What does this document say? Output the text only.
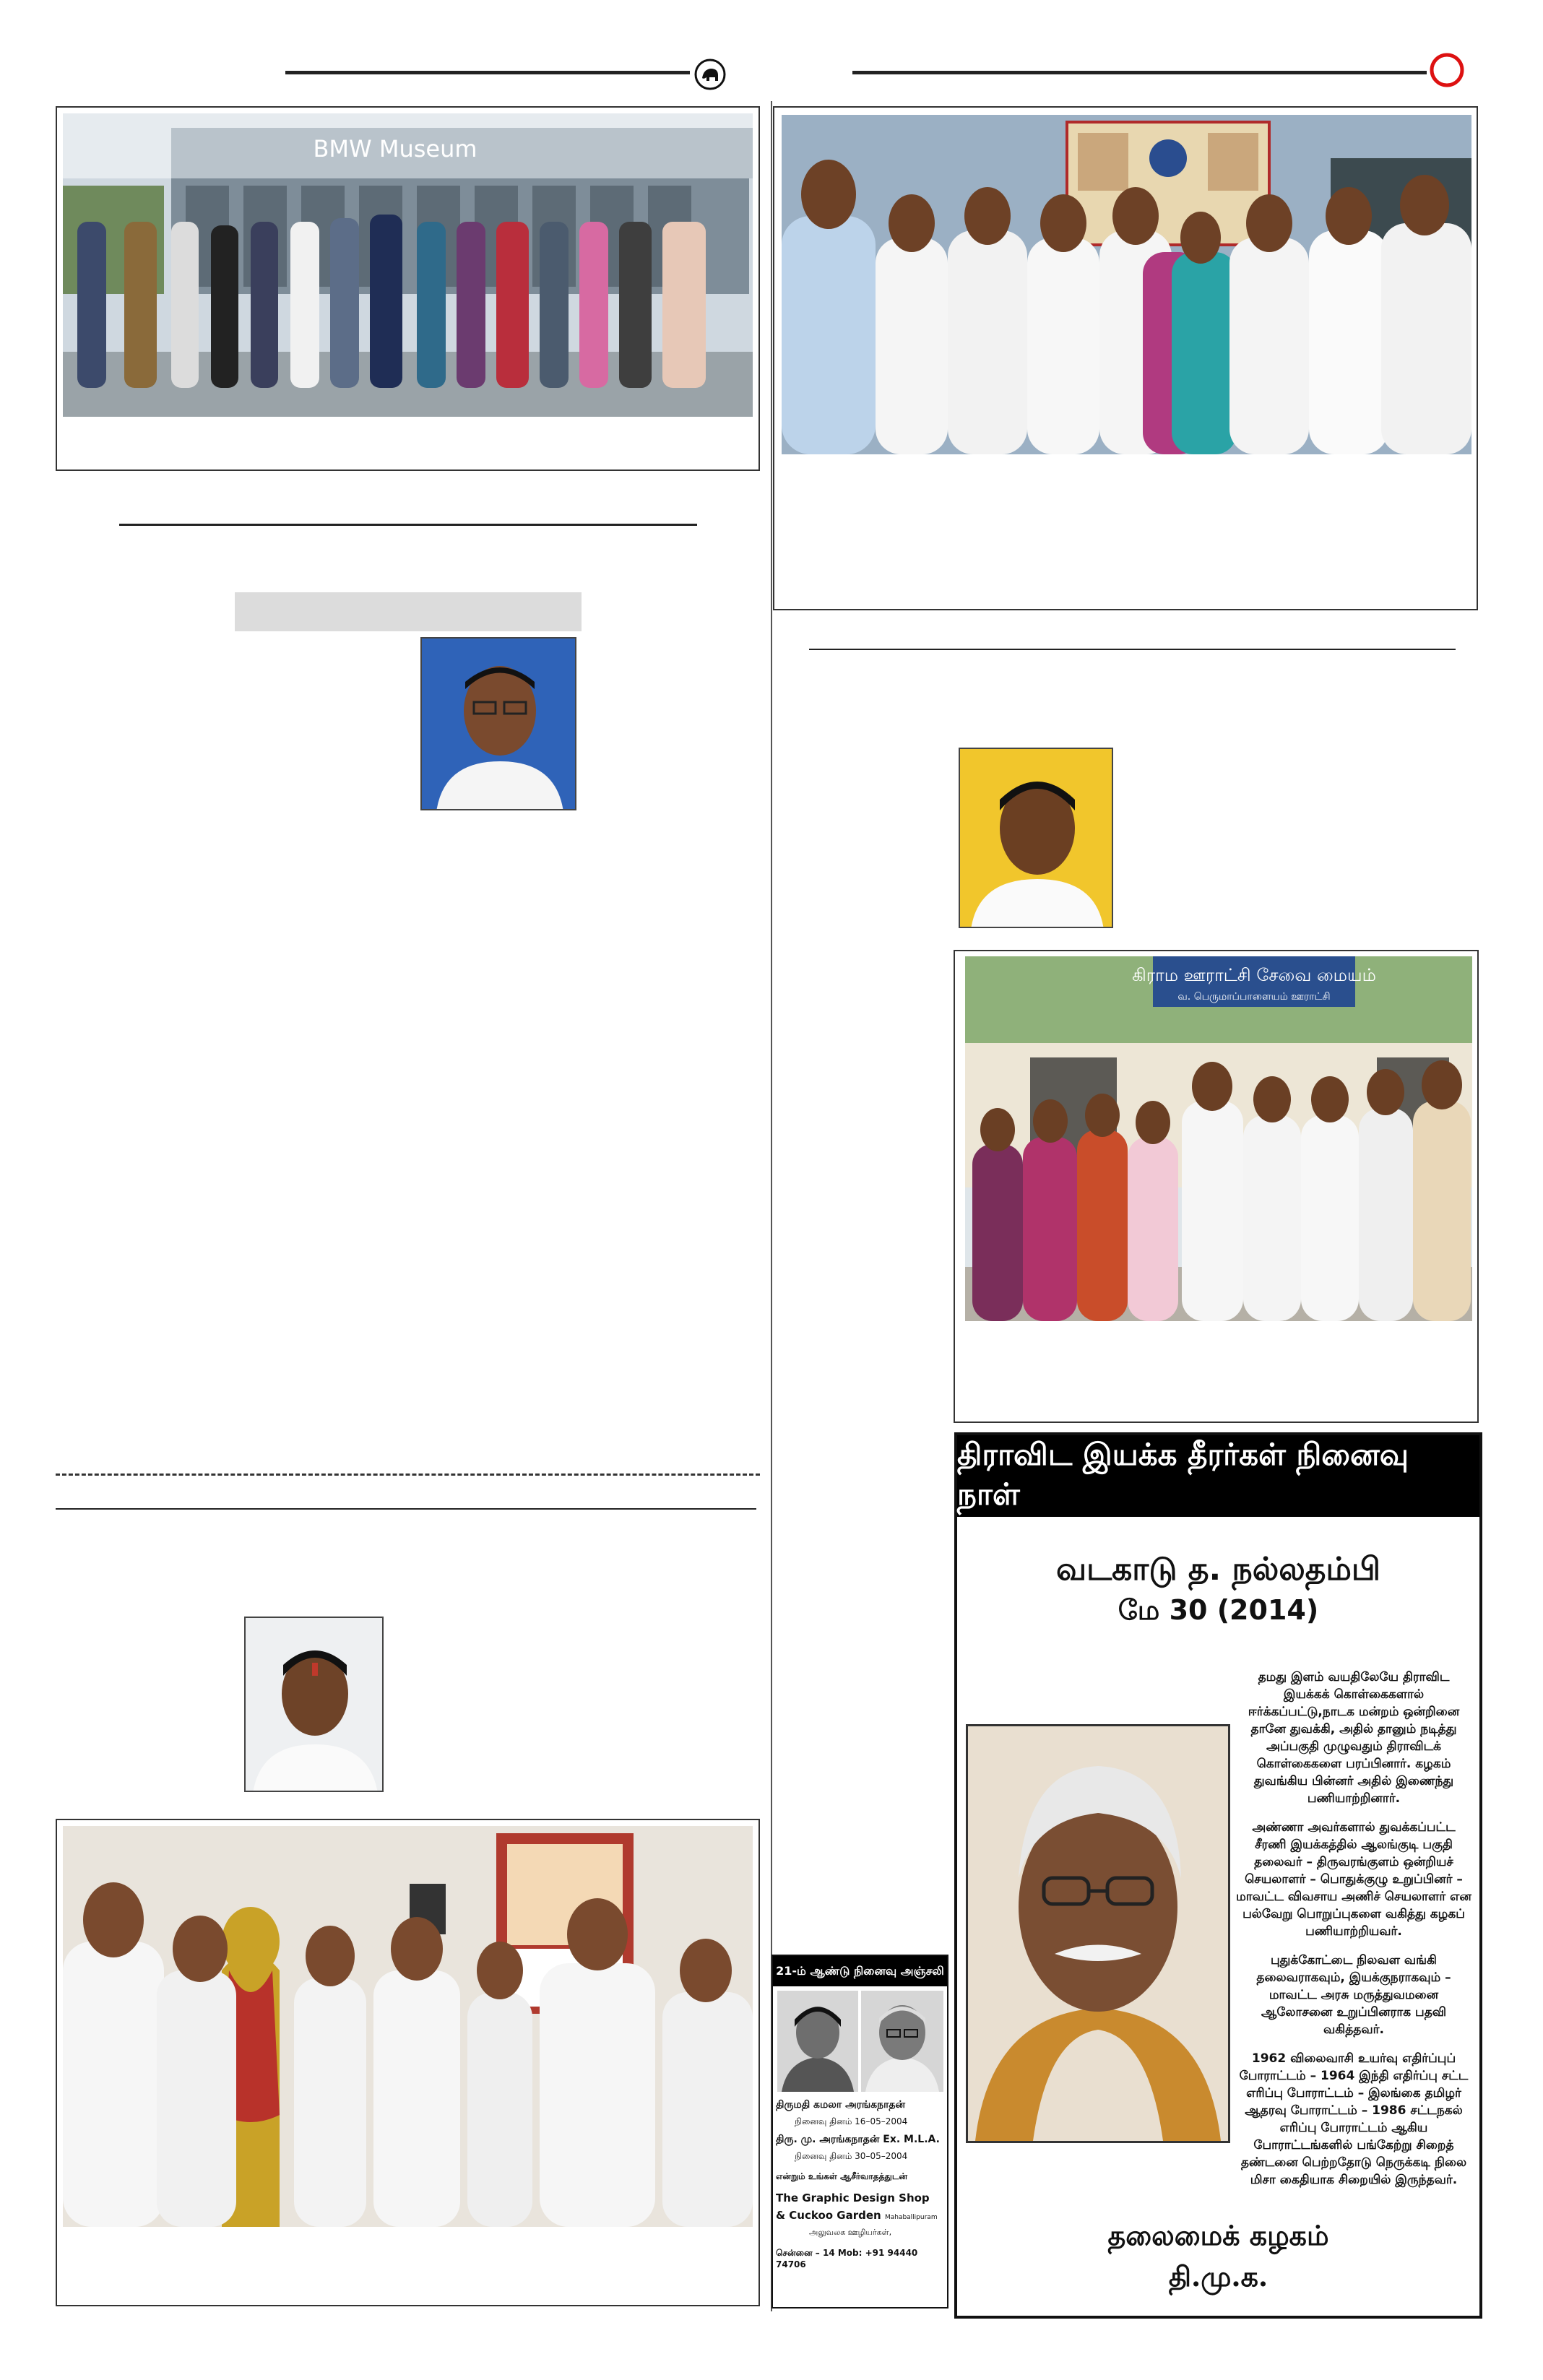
BMW Museum
கிராம ஊராட்சி சேவை மையம்
வ. பெருமாப்பாளையம் ஊராட்சி
திராவிட இயக்க தீரர்கள் நினைவு நாள்
வடகாடு த. நல்லதம்பி
மே 30 (2014)

தமது இளம் வயதிலேயே திராவிட இயக்கக் கொள்கைகளால் ஈர்க்கப்பட்டு,நாடக மன்றம் ஒன்றினை தானே துவக்கி, அதில் தானும் நடித்து அப்பகுதி முழுவதும் திராவிடக் கொள்கைகளை பரப்பினார். கழகம் துவங்கிய பின்னர் அதில் இணைந்து பணியாற்றினார்.

அண்ணா அவர்களால் துவக்கப்பட்ட சீரணி இயக்கத்தில் ஆலங்குடி பகுதி தலைவர் – திருவரங்குளம் ஒன்றியச் செயலாளர் – பொதுக்குழு உறுப்பினர் – மாவட்ட விவசாய அணிச் செயலாளர் என பல்வேறு பொறுப்புகளை வகித்து கழகப் பணியாற்றியவர்.

புதுக்கோட்டை நிலவள வங்கி தலைவராகவும், இயக்குநராகவும் – மாவட்ட அரசு மருத்துவமனை ஆலோசனை உறுப்பினராக பதவி வகித்தவர்.

1962 விலைவாசி உயர்வு எதிர்ப்புப் போராட்டம் – 1964 இந்தி எதிர்ப்பு சட்ட எரிப்பு போராட்டம் – இலங்கை தமிழர் ஆதரவு போராட்டம் – 1986 சட்டநகல் எரிப்பு போராட்டம் ஆகிய போராட்டங்களில் பங்கேற்று சிறைத் தண்டனை பெற்றதோடு நெருக்கடி நிலை மிசா கைதியாக சிறையில் இருந்தவர்.

தலைமைக் கழகம்
தி.மு.க.
21-ம் ஆண்டு நினைவு அஞ்சலி
திருமதி கமலா அரங்கநாதன்
நினைவு தினம் 16–05–2004
திரு. மு. அரங்கநாதன் Ex. M.L.A.
நினைவு தினம் 30–05–2004
என்றும் உங்கள் ஆசீர்வாதத்துடன்
The Graphic Design Shop
& Cuckoo Garden Mahaballipuram
அலுவலக ஊழியர்கள்,
சென்னை – 14 Mob: +91 94440 74706
